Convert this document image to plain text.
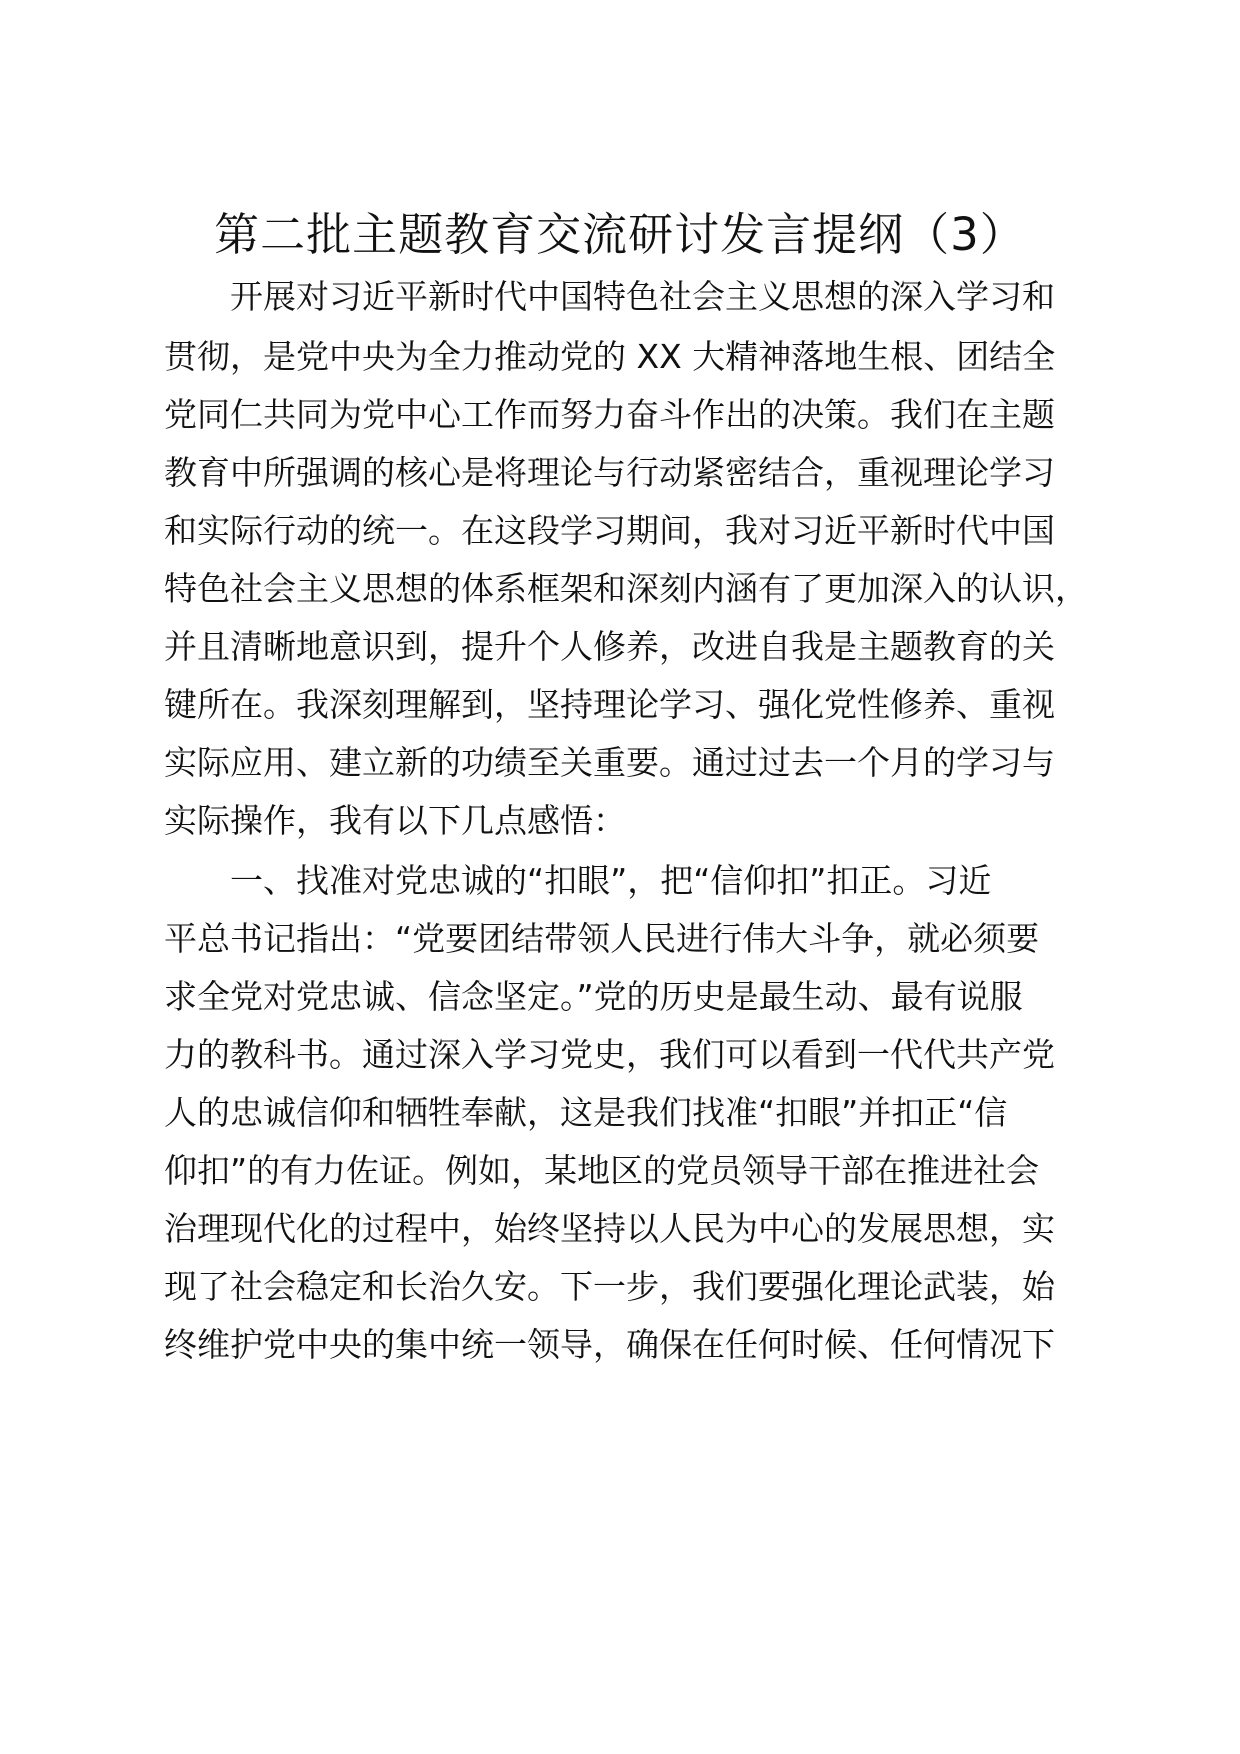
第二批主题教育交流研讨发言提纲（3）
开展对习近平新时代中国特色社会主义思想的深入学习和
贯彻，是党中央为全力推动党的 XX 大精神落地生根、团结全
党同仁共同为党中心工作而努力奋斗作出的决策。我们在主题
教育中所强调的核心是将理论与行动紧密结合，重视理论学习
和实际行动的统一。在这段学习期间，我对习近平新时代中国
特色社会主义思想的体系框架和深刻内涵有了更加深入的认识，
并且清晰地意识到，提升个人修养，改进自我是主题教育的关
键所在。我深刻理解到，坚持理论学习、强化党性修养、重视
实际应用、建立新的功绩至关重要。通过过去一个月的学习与
实际操作，我有以下几点感悟：
一、找准对党忠诚的“扣眼”，把“信仰扣”扣正。习近
平总书记指出：“党要团结带领人民进行伟大斗争，就必须要
求全党对党忠诚、信念坚定。”党的历史是最生动、最有说服
力的教科书。通过深入学习党史，我们可以看到一代代共产党
人的忠诚信仰和牺牲奉献，这是我们找准“扣眼”并扣正“信
仰扣”的有力佐证。例如，某地区的党员领导干部在推进社会
治理现代化的过程中，始终坚持以人民为中心的发展思想，实
现了社会稳定和长治久安。下一步，我们要强化理论武装，始
终维护党中央的集中统一领导，确保在任何时候、任何情况下
